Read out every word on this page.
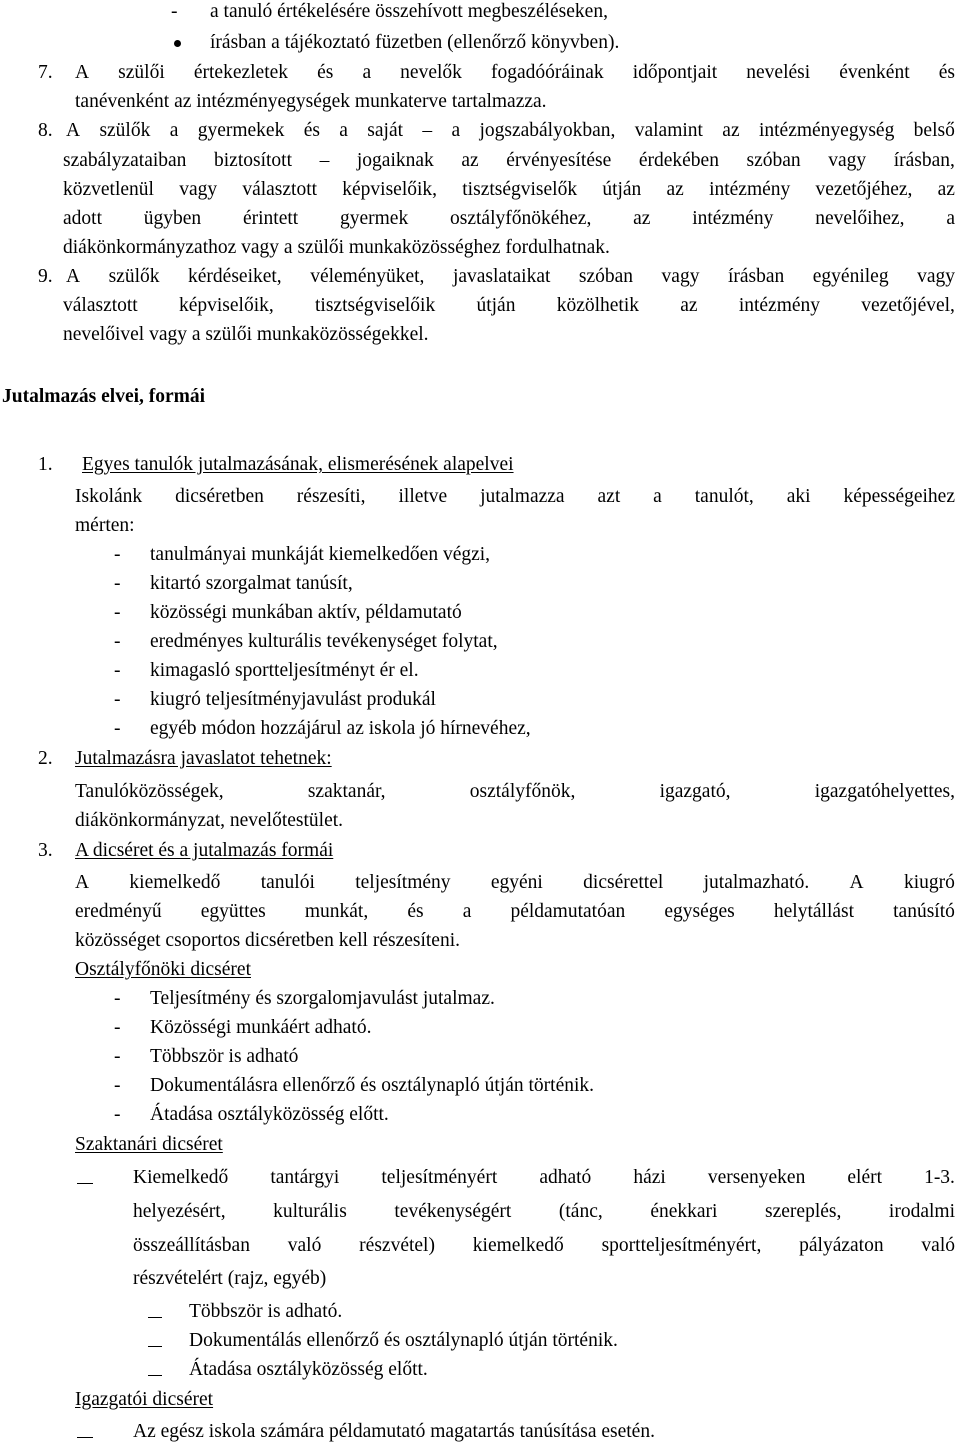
- a tanuló értékelésére összehívott megbeszéléseken,
írásban a tájékoztató füzetben (ellenőrző könyvben).
7. A szülői értekezletek és a nevelők fogadóóráinak időpontjait nevelési évenként és
tanévenként az intézményegységek munkaterve tartalmazza.
8. A szülők a gyermekek és a saját – a jogszabályokban, valamint az intézményegység belső
szabályzataiban biztosított – jogaiknak az érvényesítése érdekében szóban vagy írásban,
közvetlenül vagy választott képviselőik, tisztségviselők útján az intézmény vezetőjéhez, az
adott ügyben érintett gyermek osztályfőnökéhez, az intézmény nevelőihez, a
diákönkormányzathoz vagy a szülői munkaközösséghez fordulhatnak.
9. A szülők kérdéseiket, véleményüket, javaslataikat szóban vagy írásban egyénileg vagy
választott képviselőik, tisztségviselőik útján közölhetik az intézmény vezetőjével,
nevelőivel vagy a szülői munkaközösségekkel.
Jutalmazás elvei, formái
1. Egyes tanulók jutalmazásának, elismerésének alapelvei
Iskolánk dicséretben részesíti, illetve jutalmazza azt a tanulót, aki képességeihez
mérten:
- tanulmányai munkáját kiemelkedően végzi,
- kitartó szorgalmat tanúsít,
- közösségi munkában aktív, példamutató
- eredményes kulturális tevékenységet folytat,
- kimagasló sportteljesítményt ér el.
- kiugró teljesítményjavulást produkál
- egyéb módon hozzájárul az iskola jó hírnevéhez,
2. Jutalmazásra javaslatot tehetnek:
Tanulóközösségek,	szaktanár,	osztályfőnök,	igazgató,	igazgatóhelyettes,
diákönkormányzat, nevelőtestület.
3. A dicséret és a jutalmazás formái
A kiemelkedő tanulói teljesítmény egyéni dicsérettel jutalmazható. A kiugró
eredményű együttes munkát, és a példamutatóan egységes helytállást tanúsító
közösséget csoportos dicséretben kell részesíteni.
Osztályfőnöki dicséret
- Teljesítmény és szorgalomjavulást jutalmaz.
- Közösségi munkáért adható.
- Többször is adható
- Dokumentálásra ellenőrző és osztálynapló útján történik.
- Átadása osztályközösség előtt.
Szaktanári dicséret
Kiemelkedő tantárgyi teljesítményért adható házi versenyeken elért 1-3.
helyezésért, kulturális tevékenységért (tánc, énekkari szereplés, irodalmi
összeállításban való részvétel) kiemelkedő sportteljesítményért, pályázaton való
részvételért (rajz, egyéb)
Többször is adható.
Dokumentálás ellenőrző és osztálynapló útján történik.
Átadása osztályközösség előtt.
Igazgatói dicséret
Az egész iskola számára példamutató magatartás tanúsítása esetén.
